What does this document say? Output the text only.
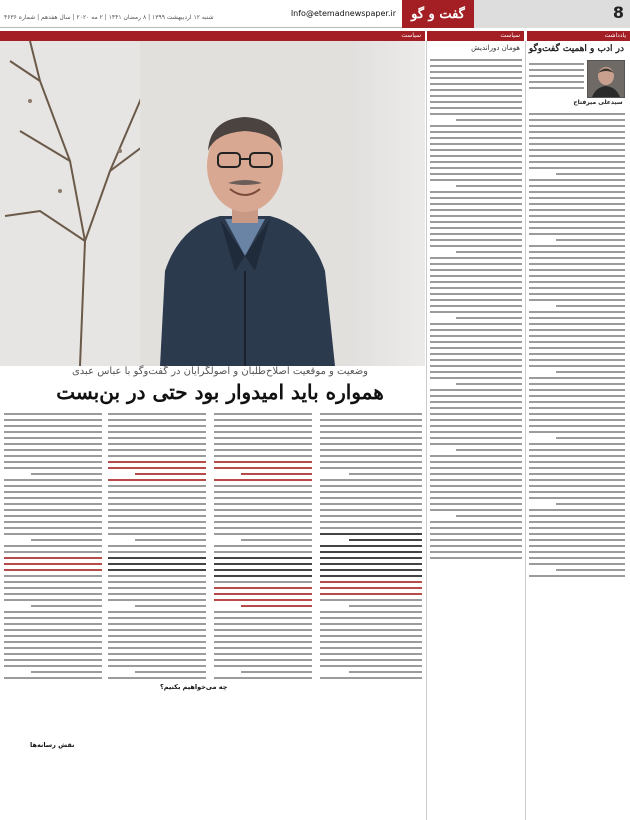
شنبه ۱۲ اردیبهشت ۱۳۹۹ | ۸ رمضان ۱۴۴۱ | ۲ مه ۲۰۲۰ | سال هفدهم | شماره ۴۶۳۶	Info@etemadnewspaper.ir	گفت و گو	8
یادداشت
سیاست
سیاست
وضعیت و موقعیت اصلاح‌طلبان و اصولگرایان در گفت‌وگو با عباس عبدی
همواره باید امیدوار بود حتی در بن‌بست
در ادب و اهمیت گفت‌وگو
سیدعلی میرفتاح
هومان دوراندیش
چه می‌خواهیم بکنیم؟
نقش رسانه‌ها
